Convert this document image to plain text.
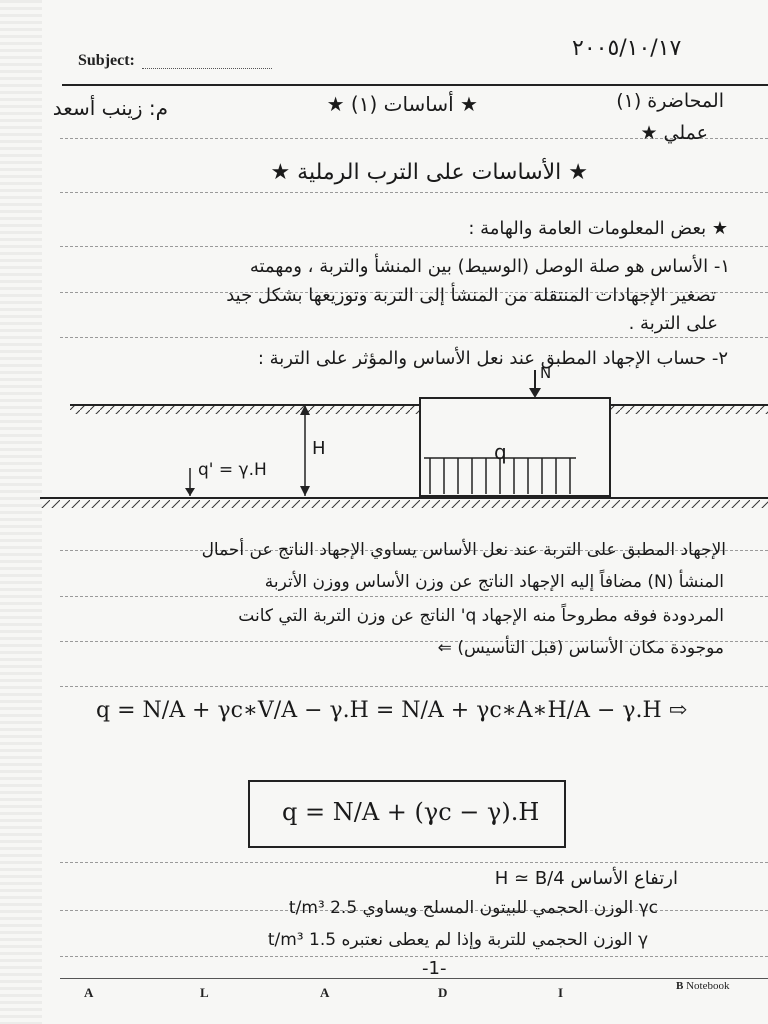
Subject:	٢٠٠٥/١٠/١٧
المحاضرة (١)
★ أساسات (١) ★
م: زينب أسعد
عملي ★
★ الأساسات على الترب الرملية ★
★ بعض المعلومات العامة والهامة :
١- الأساس هو صلة الوصل (الوسيط) بين المنشأ والتربة ، ومهمته
تصغير الإجهادات المنتقلة من المنشأ إلى التربة وتوزيعها بشكل جيد
على التربة .
٢- حساب الإجهاد المطبق عند نعل الأساس والمؤثر على التربة :
N
H	q
q' = γ.H
الإجهاد المطبق على التربة عند نعل الأساس يساوي الإجهاد الناتج عن أحمال
المنشأ (N) مضافاً إليه الإجهاد الناتج عن وزن الأساس ووزن الأتربة
المردودة فوقه مطروحاً منه الإجهاد q' الناتج عن وزن التربة التي كانت
موجودة مكان الأساس (قبل التأسيس) ⇐
q = N/A + γc∗V/A − γ.H = N/A + γc∗A∗H/A − γ.H ⇨
q = N/A + (γc − γ).H
ارتفاع الأساس H ≃ B/4
γc الوزن الحجمي للبيتون المسلح ويساوي 2.5 t/m³
γ الوزن الحجمي للتربة وإذا لم يعطى نعتبره 1.5 t/m³
-1-
A	L	A	D	I	B Notebook
